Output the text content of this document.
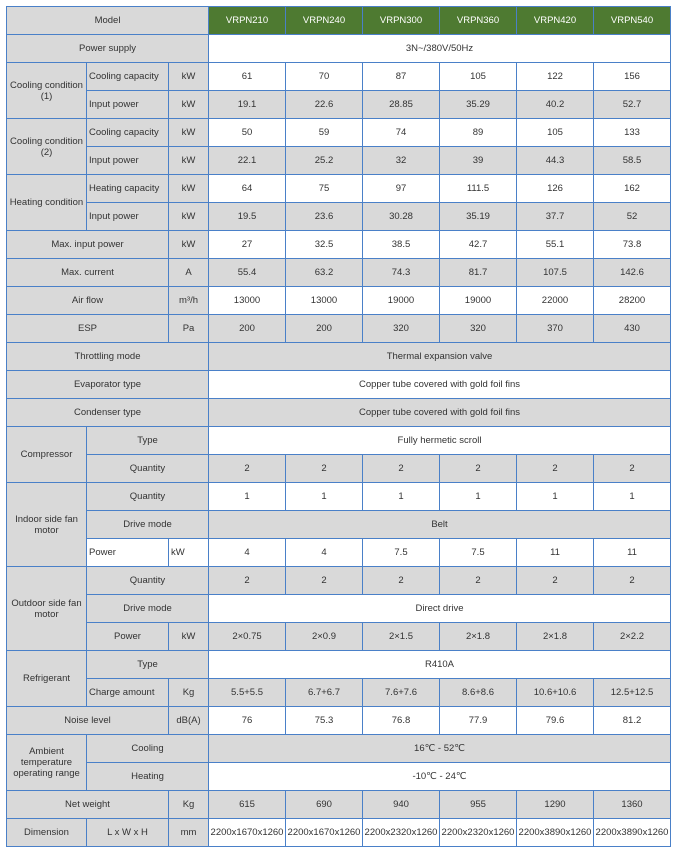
Model			VRPN210	VRPN240	VRPN300	VRPN360	VRPN420	VRPN540
Power supply			3N~/380V/50Hz					
Cooling condition (1)	Cooling capacity	kW	61	70	87	105	122	156
	Input power	kW	19.1	22.6	28.85	35.29	40.2	52.7
Cooling condition (2)	Cooling capacity	kW	50	59	74	89	105	133
	Input power	kW	22.1	25.2	32	39	44.3	58.5
Heating condition	Heating capacity	kW	64	75	97	111.5	126	162
	Input power	kW	19.5	23.6	30.28	35.19	37.7	52
Max. input power		kW	27	32.5	38.5	42.7	55.1	73.8
Max. current		A	55.4	63.2	74.3	81.7	107.5	142.6
Air flow		m³/h	13000	13000	19000	19000	22000	28200
ESP		Pa	200	200	320	320	370	430
Throttling mode			Thermal expansion valve					
Evaporator type			Copper tube covered with gold foil fins					
Condenser type			Copper tube covered with gold foil fins					
Compressor	Type		Fully hermetic scroll					
	Quantity		2	2	2	2	2	2
Indoor side fan motor	Quantity		1	1	1	1	1	1
	Drive mode		Belt					
	Power	kW	4	4	7.5	7.5	11	11
Outdoor side fan motor	Quantity		2	2	2	2	2	2
	Drive mode		Direct drive					
	Power	kW	2×0.75	2×0.9	2×1.5	2×1.8	2×1.8	2×2.2
Refrigerant	Type		R410A					
	Charge amount	Kg	5.5+5.5	6.7+6.7	7.6+7.6	8.6+8.6	10.6+10.6	12.5+12.5
Noise level		dB(A)	76	75.3	76.8	77.9	79.6	81.2
Ambient temperature operating range	Cooling		16℃ - 52℃					
	Heating		-10℃ - 24℃					
Net weight		Kg	615	690	940	955	1290	1360
Dimension	L x W x H	mm	2200x1670x1260	2200x1670x1260	2200x2320x1260	2200x2320x1260	2200x3890x1260	2200x3890x1260
